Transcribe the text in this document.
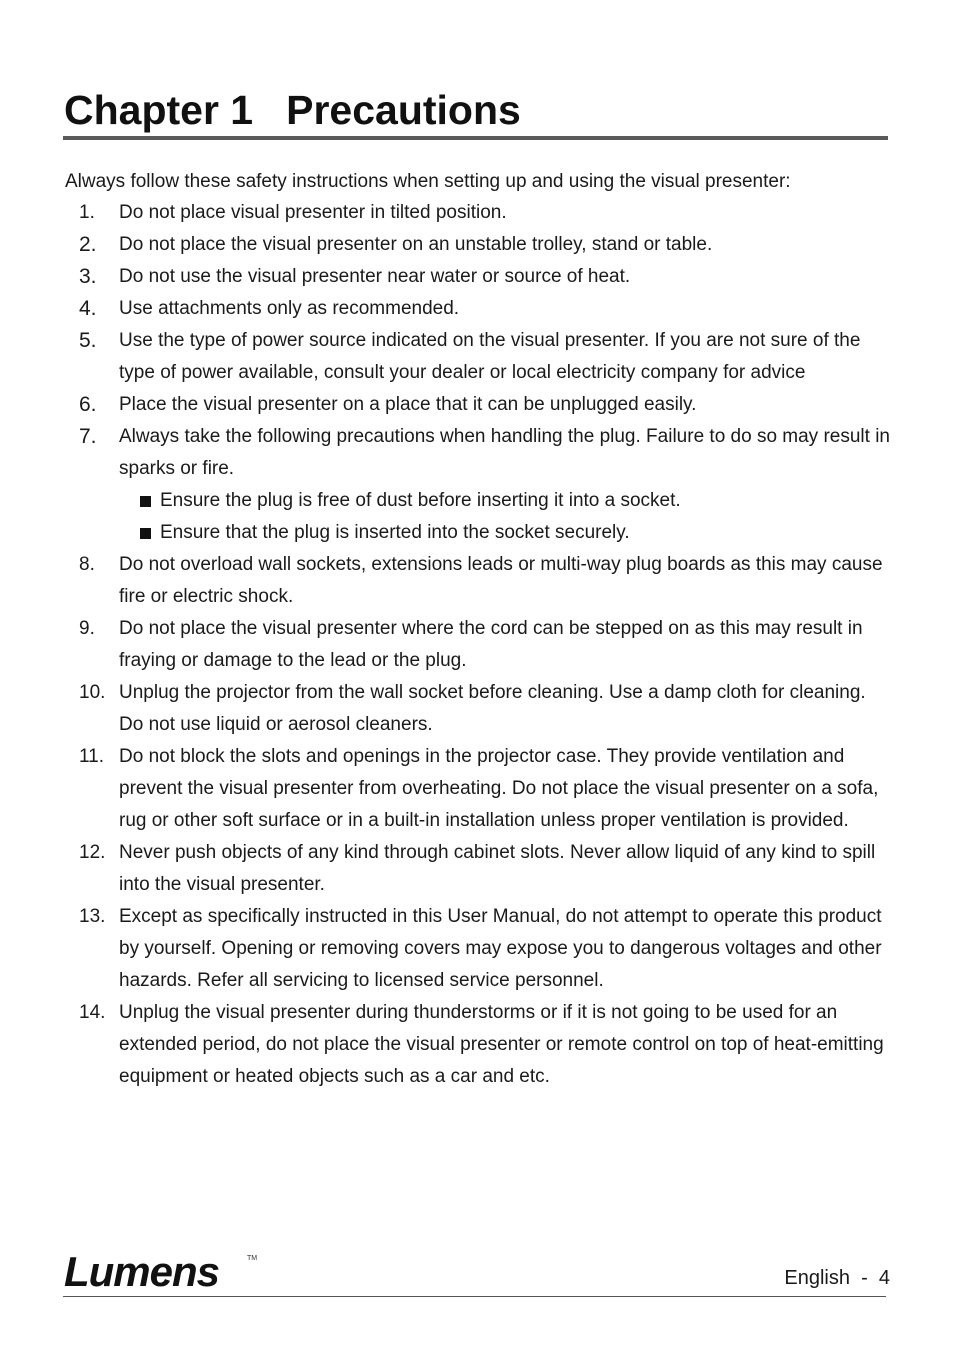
Chapter 1 Precautions

Always follow these safety instructions when setting up and using the visual presenter:

1. Do not place visual presenter in tilted position.
2. Do not place the visual presenter on an unstable trolley, stand or table.
3. Do not use the visual presenter near water or source of heat.
4. Use attachments only as recommended.
5. Use the type of power source indicated on the visual presenter. If you are not sure of the type of power available, consult your dealer or local electricity company for advice
6. Place the visual presenter on a place that it can be unplugged easily.
7. Always take the following precautions when handling the plug. Failure to do so may result in sparks or fire.
Ensure the plug is free of dust before inserting it into a socket.
Ensure that the plug is inserted into the socket securely.
8. Do not overload wall sockets, extensions leads or multi-way plug boards as this may cause fire or electric shock.
9. Do not place the visual presenter where the cord can be stepped on as this may result in fraying or damage to the lead or the plug.
10. Unplug the projector from the wall socket before cleaning. Use a damp cloth for cleaning. Do not use liquid or aerosol cleaners.
11. Do not block the slots and openings in the projector case. They provide ventilation and prevent the visual presenter from overheating. Do not place the visual presenter on a sofa, rug or other soft surface or in a built-in installation unless proper ventilation is provided.
12. Never push objects of any kind through cabinet slots. Never allow liquid of any kind to spill into the visual presenter.
13. Except as specifically instructed in this User Manual, do not attempt to operate this product by yourself. Opening or removing covers may expose you to dangerous voltages and other hazards. Refer all servicing to licensed service personnel.
14. Unplug the visual presenter during thunderstorms or if it is not going to be used for an extended period, do not place the visual presenter or remote control on top of heat-emitting equipment or heated objects such as a car and etc.
Lumens	TM
English  -  4
